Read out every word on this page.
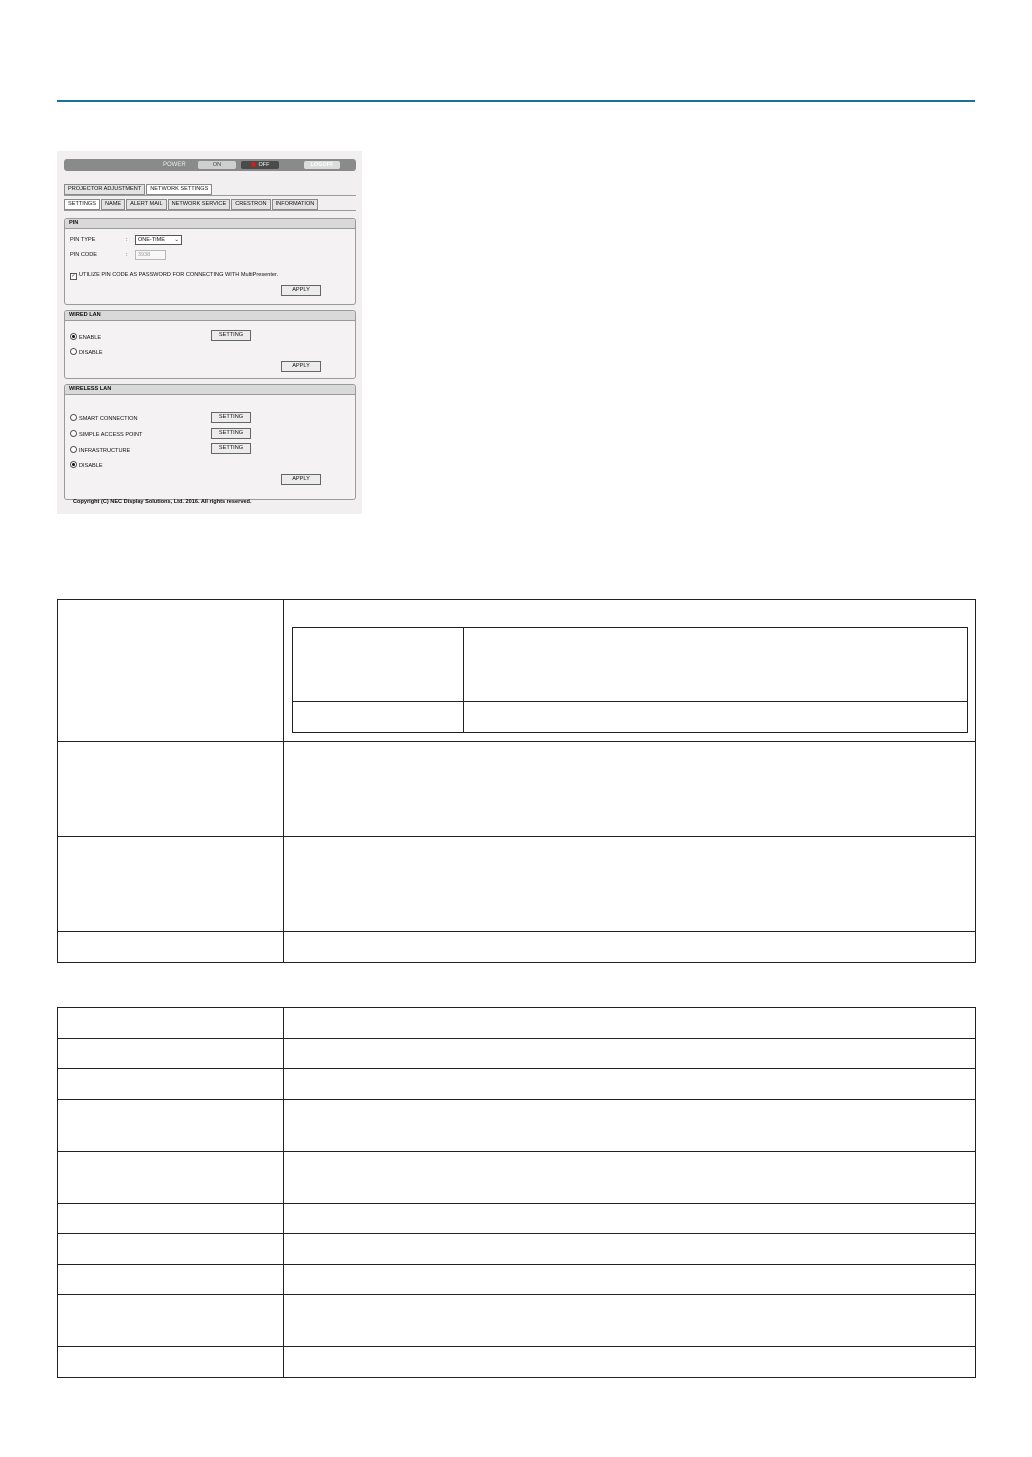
POWER	ON	OFF	LOGOFF
PROJECTOR ADJUSTMENT	NETWORK SETTINGS
SETTINGS	NAME	ALERT MAIL	NETWORK SERVICE	CRESTRON	INFORMATION
PIN
PIN TYPE	:	ONE-TIME ⌄
PIN CODE	:	3938
✓ UTILIZE PIN CODE AS PASSWORD FOR CONNECTING WITH MultiPresenter.
APPLY
WIRED LAN
ENABLE	SETTING
DISABLE
APPLY
WIRELESS LAN
SMART CONNECTION	SETTING
SIMPLE ACCESS POINT	SETTING
INFRASTRUCTURE	SETTING
DISABLE
APPLY
Copyright (C) NEC Display Solutions, Ltd. 2016. All rights reserved.
